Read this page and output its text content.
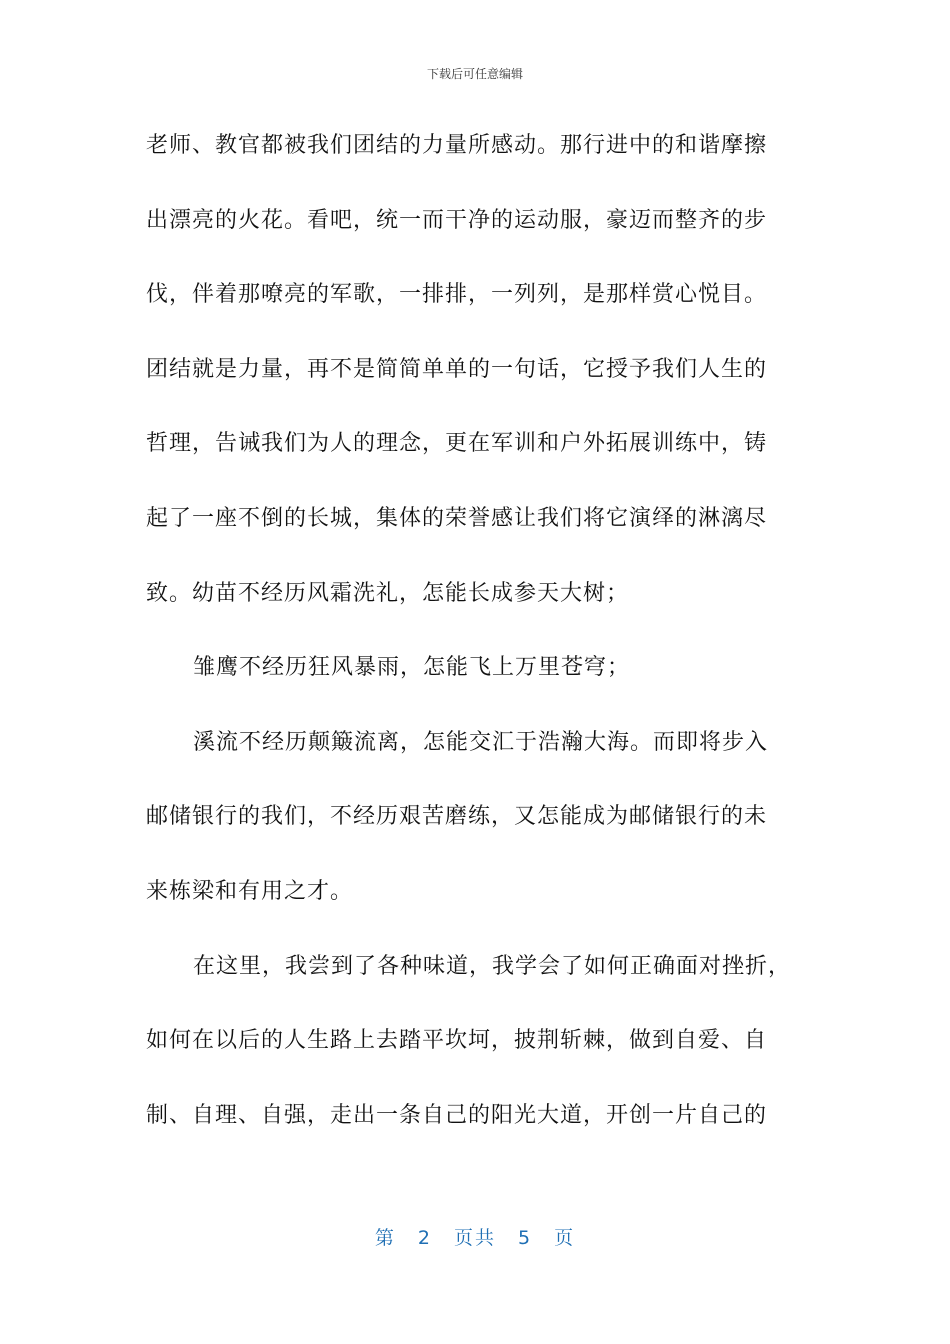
下载后可任意编辑
老师、教官都被我们团结的力量所感动。那行进中的和谐摩擦
出漂亮的火花。看吧，统一而干净的运动服，豪迈而整齐的步
伐，伴着那嘹亮的军歌，一排排，一列列，是那样赏心悦目。
团结就是力量，再不是简简单单的一句话，它授予我们人生的
哲理，告诫我们为人的理念，更在军训和户外拓展训练中，铸
起了一座不倒的长城，集体的荣誉感让我们将它演绎的淋漓尽
致。幼苗不经历风霜洗礼，怎能长成参天大树；
雏鹰不经历狂风暴雨，怎能飞上万里苍穹；
溪流不经历颠簸流离，怎能交汇于浩瀚大海。而即将步入
邮储银行的我们，不经历艰苦磨练，又怎能成为邮储银行的未
来栋梁和有用之才。
在这里，我尝到了各种味道，我学会了如何正确面对挫折，
如何在以后的人生路上去踏平坎坷，披荆斩棘，做到自爱、自
制、自理、自强，走出一条自己的阳光大道，开创一片自己的
第 2 页共 5 页
